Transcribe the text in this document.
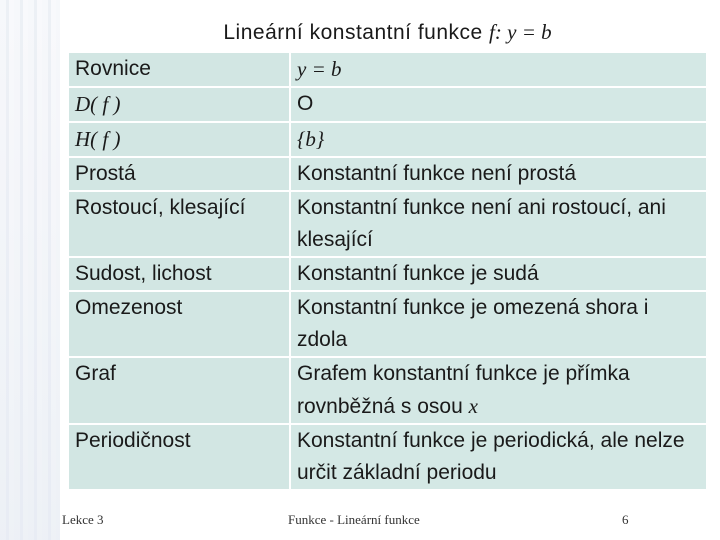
Lineární konstantní funkce f: y = b	
Rovnice	y = b
D( f )	O
H( f )	{b}
Prostá	Konstantní funkce není prostá
Rostoucí, klesající	Konstantní funkce není ani rostoucí, ani klesající
Sudost, lichost	Konstantní funkce je sudá
Omezenost	Konstantní funkce je omezená shora i zdola
Graf	Grafem konstantní funkce je přímka rovnběžná s osou x
Periodičnost	Konstantní funkce je periodická, ale nelze určit základní periodu
Lekce 3	Funkce - Lineární funkce	6
